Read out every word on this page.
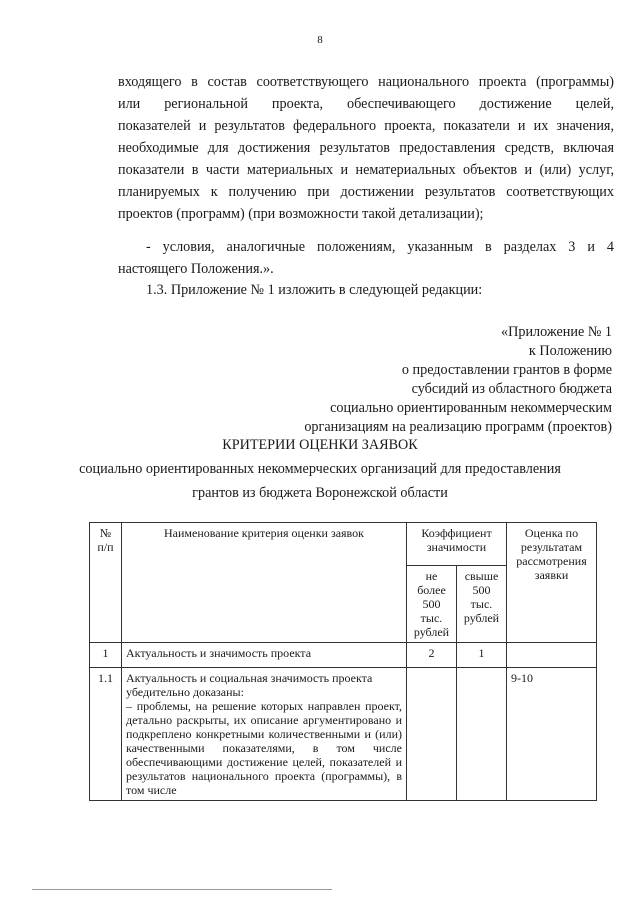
8
входящего в состав соответствующего национального проекта (программы)
или региональной проекта, обеспечивающего достижение целей,
показателей и результатов федерального проекта, показатели и их значения,
необходимые для достижения результатов предоставления средств, включая
показатели в части материальных и нематериальных объектов и (или) услуг,
планируемых к получению при достижении результатов соответствующих
проектов (программ) (при возможности такой детализации);
- условия, аналогичные положениям, указанным в разделах 3 и 4
настоящего Положения.».
1.3. Приложение № 1 изложить в следующей редакции:
«Приложение № 1
к Положению
о предоставлении грантов в форме
субсидий из областного бюджета
социально ориентированным некоммерческим
организациям на реализацию программ (проектов)
КРИТЕРИИ ОЦЕНКИ ЗАЯВОК
социально ориентированных некоммерческих организаций для предоставления
грантов из бюджета Воронежской области
№ п/п	Наименование критерия оценки заявок	Коэффициент значимости		Оценка по результатам рассмотрения заявки
		не более 500 тыс. рублей	свыше 500 тыс. рублей	
1	Актуальность и значимость проекта	2	1	
1.1	Актуальность и социальная значимость проекта убедительно доказаны:
– проблемы, на решение которых направлен проект, детально раскрыты, их описание аргументировано и подкреплено конкретными количественными и (или) качественными показателями, в том числе обеспечивающими достижение целей, показателей и результатов национального проекта (программы), в том числе			9-10
